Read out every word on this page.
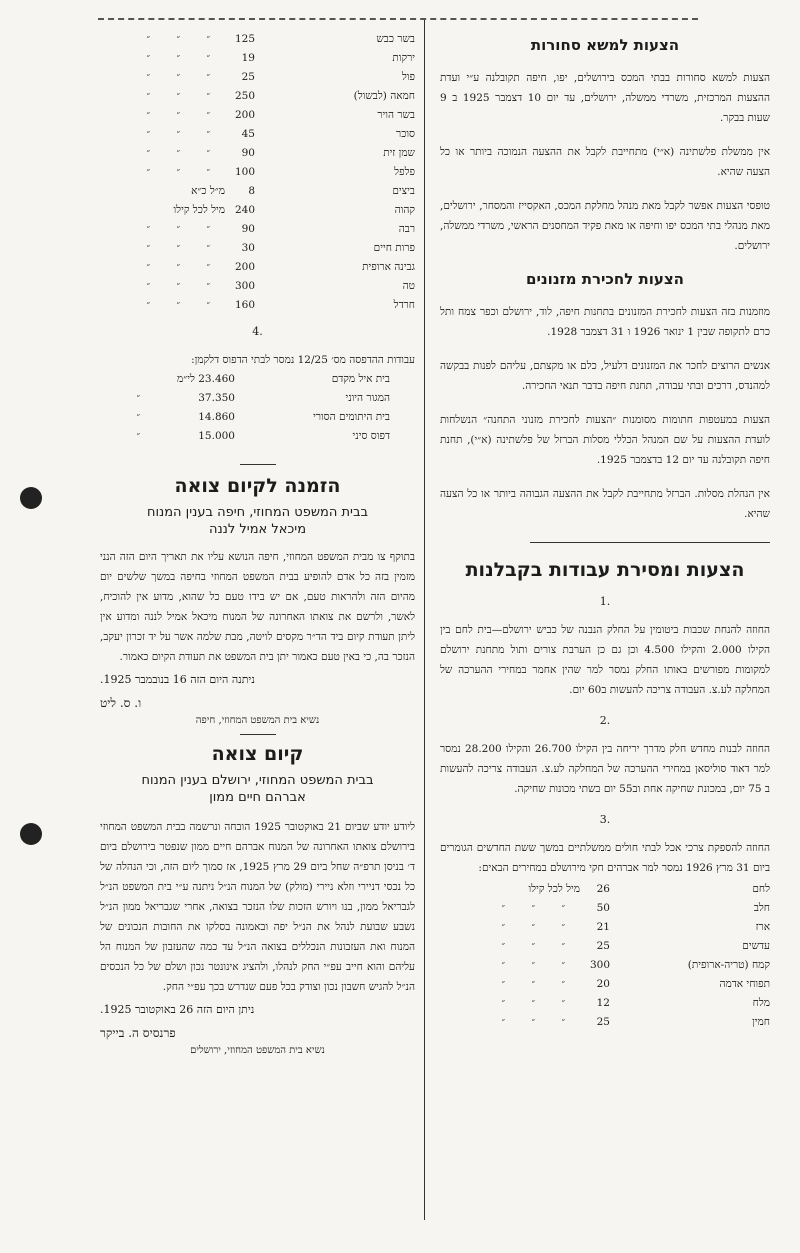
הצעות למשא סחורות

הצעות למשא סחורות בבתי המכס בירושלים, יפו, חיפה תקובלנה ע״י ועדת ההצעות המרכזית, משרדי ממשלה, ירושלים, עד יום 10 דצמבר 1925 ב 9 שעות בבקר.

אין ממשלת פלשתינה (א״י) מתחייבת לקבל את ההצעה הנמוכה ביותר או כל הצעה שהיא.

טופסי הצעות אפשר לקבל מאת מנהל מחלקת המכס, האקסייז והמסחר, ירושלים, מאת מנהלי בתי המכס יפו וחיפה או מאת פקיד המחסנים הראשי, משרדי ממשלה, ירושלים.

הצעות לחכירת מזנונים

מוזמנות בזה הצעות לחכירת המזנונים בתחנות חיפה, לוד, ירושלם וכפר צמח ותל כרם לתקופה שבין 1 ינואר 1926 ו 31 דצמבר 1928.

אנשים הרוצים לחכר את המזנונים דלעיל, כלם או מקצתם, עליהם לפנות בבקשה למהנדס, דרכים ובתי עבודה, תחנת חיפה בדבר תנאי החכירה.

הצעות במעטפות חתומות מסומנות ״הצעות לחכירת מזנוני התחנה״ הנשלחות לועדת ההצעות על שם המנהל הכללי מסלות הברזל של פלשתינה (א״י), תחנת חיפה תקובלנה עד יום 12 בדצמבר 1925.

אין הנהלת מסלות. הברזל מתחייבת לקבל את ההצעה הגבוהה ביותר או כל הצעה שהיא.

הצעות ומסירת עבודות בקבלנות
.1

החוזה להנחת שכבות ביטומין על החלק הנבנה של כביש ירושלם—בית לחם בין הקילו 2.000 והקילו 4.500 וכן גם כן הערבת צורים ותול מתחנת ירושלם למקומות מפורשים באותו החלק נמסר למר שהין אחמר במחירי ההערכה של המחלקה לע.צ. העבודה צריכה להעשות ב60 יום.

.2

החוזה לבנות מחדש חלק מדרך יריחה בין הקילו 26.700 והקילו 28.200 נמסר למר דאוד סוליסאן במחירי ההערכה של המחלקה לע.צ. העבודה צריכה להעשות ב 75 יום, במכונת שחיקה אחת וב55 יום בשתי מכונות שחיקה.

.3

החוזה להספקת צרכי אכל לבתי חולים ממשלתיים במשך ששת החדשים הגומרים ביום 31 מרץ 1926 נמסר למר אברהים חקי מירושלם במחירים הבאים:

לחם
26
מיל לכל קילו
חלב
50
״
״
״
ארז
21
״
״
״
עדשים
25
״
״
״
קמח (טריה-ארופית)
300
״
״
״
תפוחי אדמה
20
״
״
״
מלח
12
״
״
״
חמין
25
״
״
״
בשר כבש
125
״
״
״
ירקות
19
״
״
״
פול
25
״
״
״
חמאה (לבשול)
250
״
״
״
בשר הויר
200
״
״
״
סוכר
45
״
״
״
שמן זית
90
״
״
״
פלפל
100
״
״
״
ביצים
8
מ״ל כ״א
קהוה
240
מיל לכל קילו
רבה
90
״
״
״
פרות חיים
30
״
״
״
גבינה ארופית
200
״
״
״
טה
300
״
״
״
חרדל
160
״
״
״
.4

עבודות ההדפסה מס׳ 12/25 נמסר לבתי הדפוס דלקמן:

בית איל מקדם
23.460 לי״מ
המגור היוני
37.350
״
בית היתומים הסורי
14.860
״
דפוס סיני
15.000
״
הזמנה לקיום צואה
בבית המשפט המחוזי, חיפה בענין המנוח
מיכאל אמיל לננה

בתוקף צו מבית המשפט המחוזי, חיפה הנושא עליו את תאריך היום הזה הנני מזמין בזה כל אדם להופיע בבית המשפט המחוזי בחיפה במשך שלשים יום מהיום הזה ולהראות טעם, אם יש בידו טעם כל שהוא, מדוע אין להוכיח, לאשר, ולרשם את צואתו האחרונה של המנוח מיכאל אמיל לננה ומדוע אין ליתן תעודת קיום ביד הד״ר מקסים לויטה, מבת שלמה אשר על יד זכרון יעקב, הנזכר בה, כי באין טעם כאמור יתן בית המשפט את תעודת הקיום כאמור.

ניתנה היום הזה 16 בנובמבר 1925.
ו. ס. ליט
נשיא בית המשפט המחוזי, חיפה
קיום צואה
בבית המשפט המחוזי, ירושלם בענין המנוח
אברהם חיים ממון

ליודע יודע שביום 21 באוקטובר 1925 הובחה ונרשמה בבית המשפט המחוזי בירושלם צואתו האחרונה של המנוח אברהם חיים ממון שנפטר בירושלם ביום ד׳ בניסן תרפ״ה שחל ביום 29 מרץ 1925, אז סמוך ליום הזה, וכי הנהלה של כל נכסי דניירי וזלא ניירי (מולק) של המנוח הנ״ל ניתנה ע״י בית המשפט הנ״ל לגבריאל ממון, בנו ויורש הזכות שלו הנזכר בצואה, אחרי שגבריאל ממון הנ״ל נשבע שבועת לנהל את הנ״ל יפה ובאמונה בסלקו את החובות הנכונים של המנוח ואת העזבונות הנכללים בצואה הנ״ל עד כמה שהעזבון של המנוח הל עליהם והוא חייב עפ״י החק לנהלו, ולהציג אינונטר נכון ושלם של כל הנכסים הנ״ל להגיש חשבון נכון וצודק בכל פעם שנדרש בכך עפ״י החק.

ניתן היום הזה 26 באוקטובר 1925.
פרנסיס ה. בייקר
נשיא בית המשפט המחוזי, ירושלים
